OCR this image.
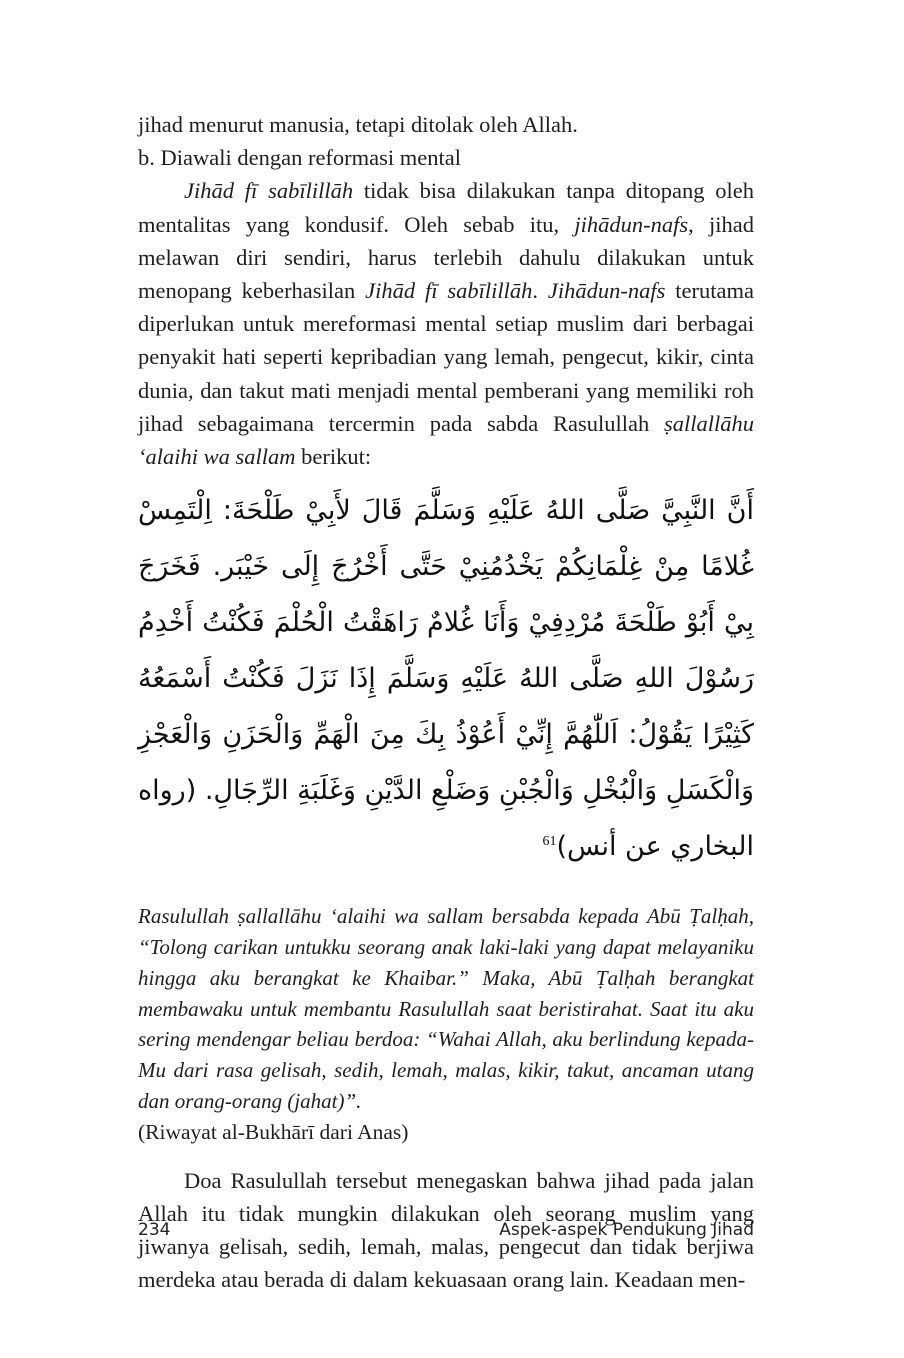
jihad menurut manusia, tetapi ditolak oleh Allah.

b. Diawali dengan reformasi mental

Jihād fī sabīlillāh tidak bisa dilakukan tanpa ditopang oleh mentalitas yang kondusif. Oleh sebab itu, jihādun-nafs, jihad melawan diri sendiri, harus terlebih dahulu dilakukan untuk menopang keberhasilan Jihād fī sabīlillāh. Jihādun-nafs terutama diperlukan untuk mereformasi mental setiap muslim dari berbagai penyakit hati seperti kepribadian yang lemah, pengecut, kikir, cinta dunia, dan takut mati menjadi mental pemberani yang memiliki roh jihad sebagaimana tercermin pada sabda Rasulullah ṣallallāhu ‘alaihi wa sallam berikut:

أَنَّ النَّبِيَّ صَلَّى اللهُ عَلَيْهِ وَسَلَّمَ قَالَ لأَبِيْ طَلْحَةَ: اِلْتَمِسْ غُلامًا مِنْ غِلْمَانِكُمْ يَخْدُمُنِيْ حَتَّى أَخْرُجَ إِلَى خَيْبَر. فَخَرَجَ بِيْ أَبُوْ طَلْحَةَ مُرْدِفِيْ وَأَنَا غُلامٌ رَاهَقْتُ الْحُلْمَ فَكُنْتُ أَخْدِمُ رَسُوْلَ اللهِ صَلَّى اللهُ عَلَيْهِ وَسَلَّمَ إِذَا نَزَلَ فَكُنْتُ أَسْمَعُهُ كَثِيْرًا يَقُوْلُ: اَللّٰهُمَّ إِنِّيْ أَعُوْذُ بِكَ مِنَ الْهَمِّ وَالْحَزَنِ وَالْعَجْزِ وَالْكَسَلِ وَالْبُخْلِ وَالْجُبْنِ وَضَلْعِ الدَّيْنِ وَغَلَبَةِ الرِّجَالِ. (رواه البخاري عن أنس)$^{61}$

Rasulullah ṣallallāhu ‘alaihi wa sallam bersabda kepada Abū Ṭalḥah, “Tolong carikan untukku seorang anak laki-laki yang dapat melayaniku hingga aku berangkat ke Khaibar.” Maka, Abū Ṭalḥah berangkat membawaku untuk membantu Rasulullah saat beristirahat. Saat itu aku sering mendengar beliau berdoa: “Wahai Allah, aku berlindung kepada-Mu dari rasa gelisah, sedih, lemah, malas, kikir, takut, ancaman utang dan orang-orang (jahat)”.
(Riwayat al-Bukhārī dari Anas)

Doa Rasulullah tersebut menegaskan bahwa jihad pada jalan Allah itu tidak mungkin dilakukan oleh seorang muslim yang jiwanya gelisah, sedih, lemah, malas, pengecut dan tidak berjiwa merdeka atau berada di dalam kekuasaan orang lain. Keadaan men-

234	Aspek-aspek Pendukung Jihad
